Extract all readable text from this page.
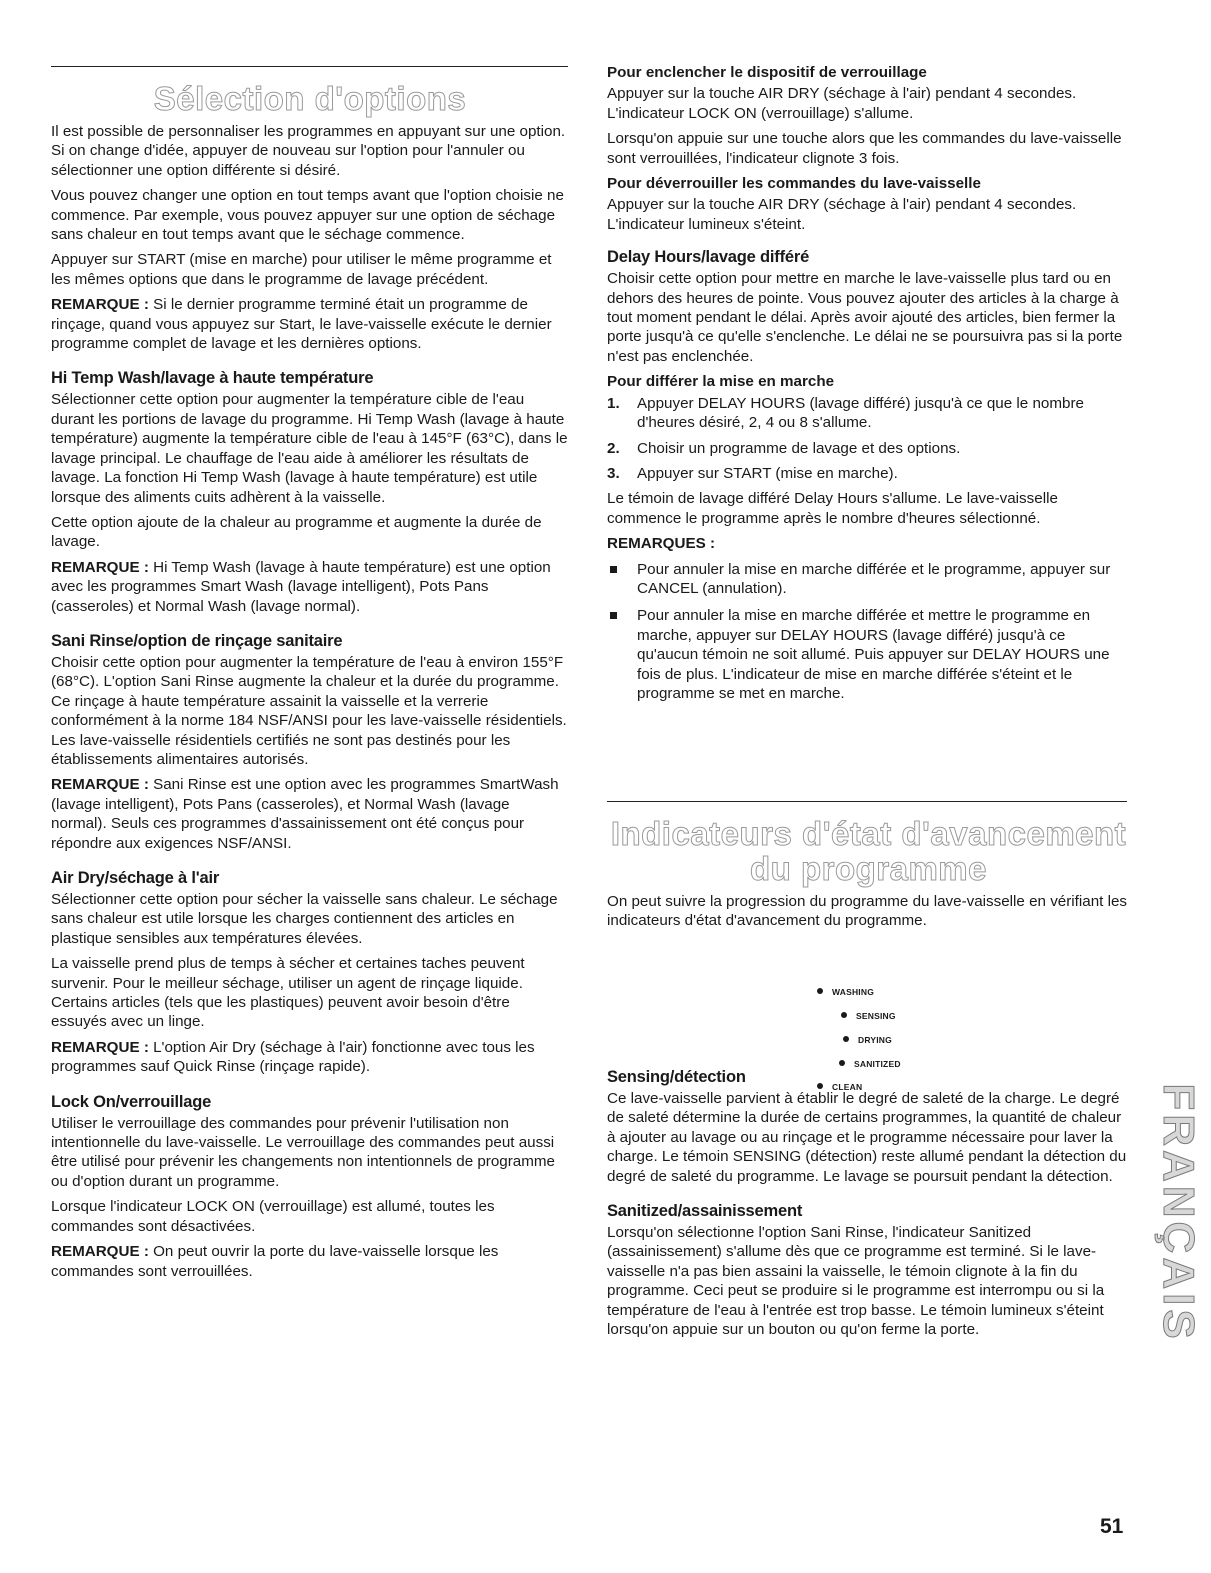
Sélection d'options

Il est possible de personnaliser les programmes en appuyant sur une option. Si on change d'idée, appuyer de nouveau sur l'option pour l'annuler ou sélectionner une option différente si désiré.

Vous pouvez changer une option en tout temps avant que l'option choisie ne commence. Par exemple, vous pouvez appuyer sur une option de séchage sans chaleur en tout temps avant que le séchage commence.

Appuyer sur START (mise en marche) pour utiliser le même programme et les mêmes options que dans le programme de lavage précédent.

REMARQUE : Si le dernier programme terminé était un programme de rinçage, quand vous appuyez sur Start, le lave-vaisselle exécute le dernier programme complet de lavage et les dernières options.

Hi Temp Wash/lavage à haute température

Sélectionner cette option pour augmenter la température cible de l'eau durant les portions de lavage du programme. Hi Temp Wash (lavage à haute température) augmente la température cible de l'eau à 145°F (63°C), dans le lavage principal. Le chauffage de l'eau aide à améliorer les résultats de lavage. La fonction Hi Temp Wash (lavage à haute température) est utile lorsque des aliments cuits adhèrent à la vaisselle.

Cette option ajoute de la chaleur au programme et augmente la durée de lavage.

REMARQUE : Hi Temp Wash (lavage à haute température) est une option avec les programmes Smart Wash (lavage intelligent), Pots Pans (casseroles) et Normal Wash (lavage normal).

Sani Rinse/option de rinçage sanitaire

Choisir cette option pour augmenter la température de l'eau à environ 155°F (68°C). L'option Sani Rinse augmente la chaleur et la durée du programme. Ce rinçage à haute température assainit la vaisselle et la verrerie conformément à la norme 184 NSF/ANSI pour les lave-vaisselle résidentiels. Les lave-vaisselle résidentiels certifiés ne sont pas destinés pour les établissements alimentaires autorisés.

REMARQUE : Sani Rinse est une option avec les programmes SmartWash (lavage intelligent), Pots Pans (casseroles), et Normal Wash (lavage normal). Seuls ces programmes d'assainissement ont été conçus pour répondre aux exigences NSF/ANSI.

Air Dry/séchage à l'air

Sélectionner cette option pour sécher la vaisselle sans chaleur. Le séchage sans chaleur est utile lorsque les charges contiennent des articles en plastique sensibles aux températures élevées.

La vaisselle prend plus de temps à sécher et certaines taches peuvent survenir. Pour le meilleur séchage, utiliser un agent de rinçage liquide. Certains articles (tels que les plastiques) peuvent avoir besoin d'être essuyés avec un linge.

REMARQUE : L'option Air Dry (séchage à l'air) fonctionne avec tous les programmes sauf Quick Rinse (rinçage rapide).

Lock On/verrouillage

Utiliser le verrouillage des commandes pour prévenir l'utilisation non intentionnelle du lave-vaisselle. Le verrouillage des commandes peut aussi être utilisé pour prévenir les changements non intentionnels de programme ou d'option durant un programme.

Lorsque l'indicateur LOCK ON (verrouillage) est allumé, toutes les commandes sont désactivées.

REMARQUE : On peut ouvrir la porte du lave-vaisselle lorsque les commandes sont verrouillées.

Pour enclencher le dispositif de verrouillage

Appuyer sur la touche AIR DRY (séchage à l'air) pendant 4 secondes. L'indicateur LOCK ON (verrouillage) s'allume.

Lorsqu'on appuie sur une touche alors que les commandes du lave-vaisselle sont verrouillées, l'indicateur clignote 3 fois.

Pour déverrouiller les commandes du lave-vaisselle

Appuyer sur la touche AIR DRY (séchage à l'air) pendant 4 secondes. L'indicateur lumineux s'éteint.

Delay Hours/lavage différé

Choisir cette option pour mettre en marche le lave-vaisselle plus tard ou en dehors des heures de pointe. Vous pouvez ajouter des articles à la charge à tout moment pendant le délai. Après avoir ajouté des articles, bien fermer la porte jusqu'à ce qu'elle s'enclenche. Le délai ne se poursuivra pas si la porte n'est pas enclenchée.

Pour différer la mise en marche
1. Appuyer DELAY HOURS (lavage différé) jusqu'à ce que le nombre d'heures désiré, 2, 4 ou 8 s'allume.
2. Choisir un programme de lavage et des options.
3. Appuyer sur START (mise en marche).

Le témoin de lavage différé Delay Hours s'allume. Le lave-vaisselle commence le programme après le nombre d'heures sélectionné.

REMARQUES :
Pour annuler la mise en marche différée et le programme, appuyer sur CANCEL (annulation).
Pour annuler la mise en marche différée et mettre le programme en marche, appuyer sur DELAY HOURS (lavage différé) jusqu'à ce qu'aucun témoin ne soit allumé. Puis appuyer sur DELAY HOURS une fois de plus. L'indicateur de mise en marche différée s'éteint et le programme se met en marche.
Indicateurs d'état d'avancement
du programme

On peut suivre la progression du programme du lave-vaisselle en vérifiant les indicateurs d'état d'avancement du programme.

WASHING
SENSING
DRYING
SANITIZED
CLEAN
Sensing/détection

Ce lave-vaisselle parvient à établir le degré de saleté de la charge. Le degré de saleté détermine la durée de certains programmes, la quantité de chaleur à ajouter au lavage ou au rinçage et le programme nécessaire pour laver la charge. Le témoin SENSING (détection) reste allumé pendant la détection du degré de saleté du programme. Le lavage se poursuit pendant la détection.

Sanitized/assainissement

Lorsqu'on sélectionne l'option Sani Rinse, l'indicateur Sanitized (assainissement) s'allume dès que ce programme est terminé. Si le lave-vaisselle n'a pas bien assaini la vaisselle, le témoin clignote à la fin du programme. Ceci peut se produire si le programme est interrompu ou si la température de l'eau à l'entrée est trop basse. Le témoin lumineux s'éteint lorsqu'on appuie sur un bouton ou qu'on ferme la porte.	FRANÇAIS
51
